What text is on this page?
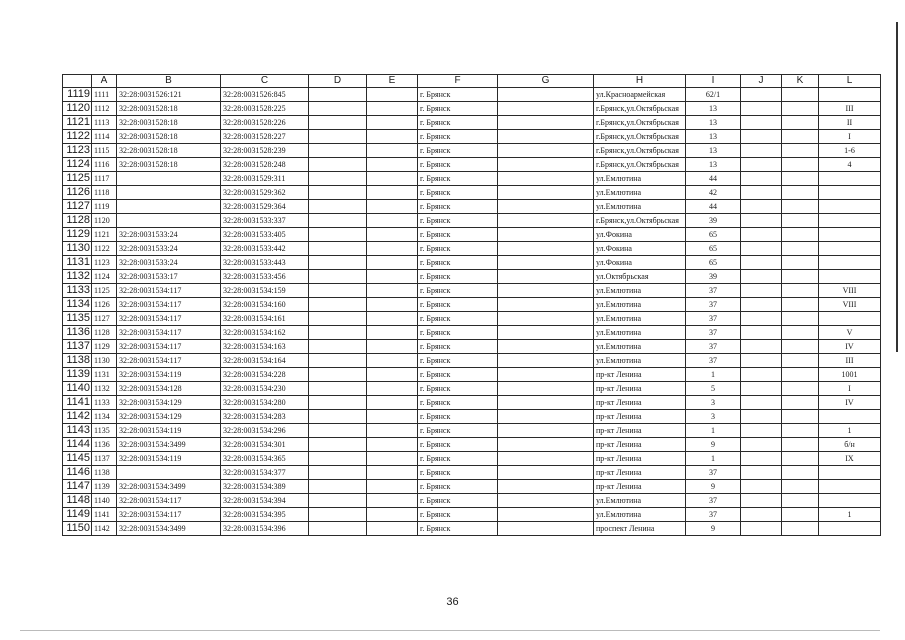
	A	B	C	D	E	F	G	H	I	J	K	L
1119	1111	32:28:0031526:121	32:28:0031526:845			г. Брянск		ул.Красноармейская	62/1			
1120	1112	32:28:0031528:18	32:28:0031528:225			г. Брянск		г.Брянск,ул.Октябрьская	13			III
1121	1113	32:28:0031528:18	32:28:0031528:226			г. Брянск		г.Брянск,ул.Октябрьская	13			II
1122	1114	32:28:0031528:18	32:28:0031528:227			г. Брянск		г.Брянск,ул.Октябрьская	13			I
1123	1115	32:28:0031528:18	32:28:0031528:239			г. Брянск		г.Брянск,ул.Октябрьская	13			1-6
1124	1116	32:28:0031528:18	32:28:0031528:248			г. Брянск		г.Брянск,ул.Октябрьская	13			4
1125	1117		32:28:0031529:311			г. Брянск		ул.Емлютина	44			
1126	1118		32:28:0031529:362			г. Брянск		ул.Емлютина	42			
1127	1119		32:28:0031529:364			г. Брянск		ул.Емлютина	44			
1128	1120		32:28:0031533:337			г. Брянск		г.Брянск,ул.Октябрьская	39			
1129	1121	32:28:0031533:24	32:28:0031533:405			г. Брянск		ул.Фокина	65			
1130	1122	32:28:0031533:24	32:28:0031533:442			г. Брянск		ул.Фокина	65			
1131	1123	32:28:0031533:24	32:28:0031533:443			г. Брянск		ул.Фокина	65			
1132	1124	32:28:0031533:17	32:28:0031533:456			г. Брянск		ул.Октябрьская	39			
1133	1125	32:28:0031534:117	32:28:0031534:159			г. Брянск		ул.Емлютина	37			VIII
1134	1126	32:28:0031534:117	32:28:0031534:160			г. Брянск		ул.Емлютина	37			VIII
1135	1127	32:28:0031534:117	32:28:0031534:161			г. Брянск		ул.Емлютина	37			
1136	1128	32:28:0031534:117	32:28:0031534:162			г. Брянск		ул.Емлютина	37			V
1137	1129	32:28:0031534:117	32:28:0031534:163			г. Брянск		ул.Емлютина	37			IV
1138	1130	32:28:0031534:117	32:28:0031534:164			г. Брянск		ул.Емлютина	37			III
1139	1131	32:28:0031534:119	32:28:0031534:228			г. Брянск		пр-кт Ленина	1			1001
1140	1132	32:28:0031534:128	32:28:0031534:230			г. Брянск		пр-кт Ленина	5			I
1141	1133	32:28:0031534:129	32:28:0031534:280			г. Брянск		пр-кт Ленина	3			IV
1142	1134	32:28:0031534:129	32:28:0031534:283			г. Брянск		пр-кт Ленина	3			
1143	1135	32:28:0031534:119	32:28:0031534:296			г. Брянск		пр-кт Ленина	1			1
1144	1136	32:28:0031534:3499	32:28:0031534:301			г. Брянск		пр-кт Ленина	9			б/н
1145	1137	32:28:0031534:119	32:28:0031534:365			г. Брянск		пр-кт Ленина	1			IX
1146	1138		32:28:0031534:377			г. Брянск		пр-кт Ленина	37			
1147	1139	32:28:0031534:3499	32:28:0031534:389			г. Брянск		пр-кт Ленина	9			
1148	1140	32:28:0031534:117	32:28:0031534:394			г. Брянск		ул.Емлютина	37			
1149	1141	32:28:0031534:117	32:28:0031534:395			г. Брянск		ул.Емлютина	37			1
1150	1142	32:28:0031534:3499	32:28:0031534:396			г. Брянск		проспект Ленина	9			
36
